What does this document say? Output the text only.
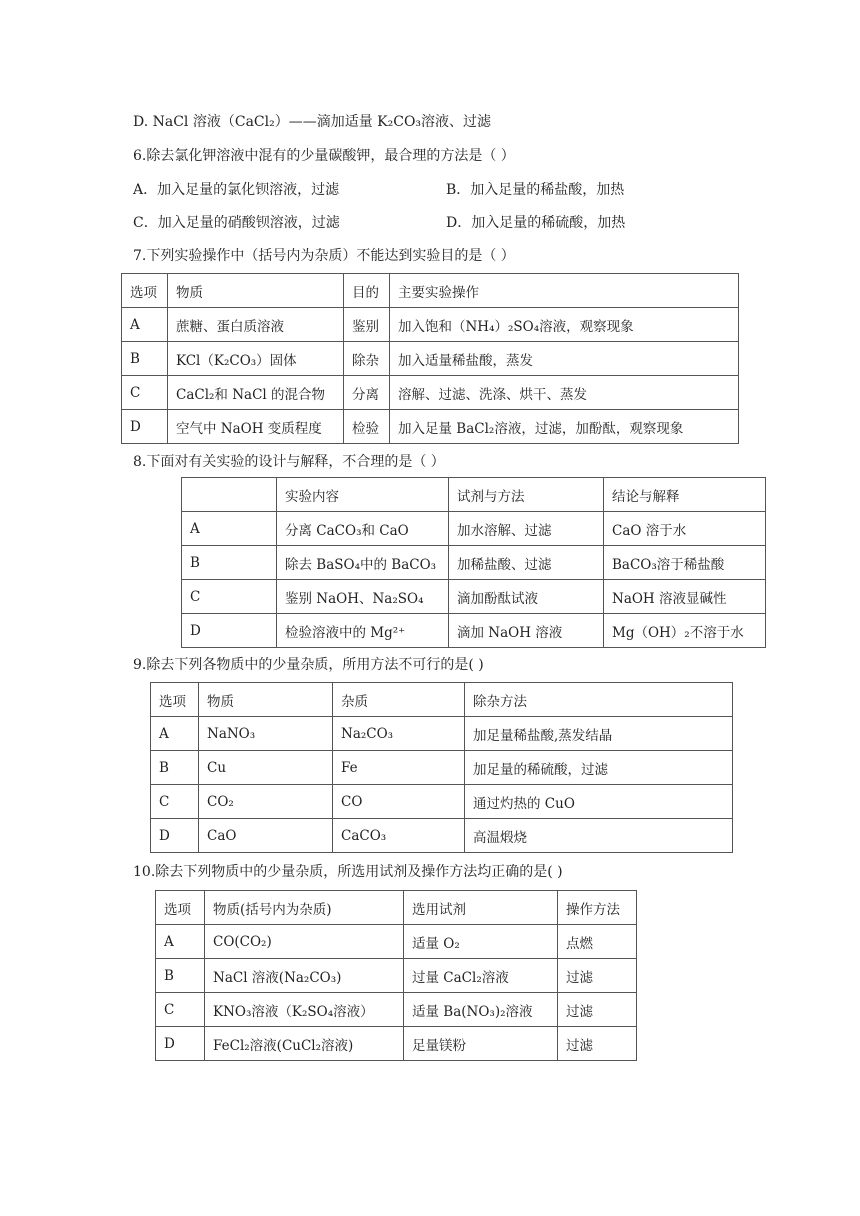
D. NaCl 溶液（CaCl₂）——滴加适量 K₂CO₃溶液、过滤
6.除去氯化钾溶液中混有的少量碳酸钾，最合理的方法是（ ）
A．加入足量的氯化钡溶液，过滤	B．加入足量的稀盐酸，加热
C．加入足量的硝酸钡溶液，过滤	D．加入足量的稀硫酸，加热
7.下列实验操作中（括号内为杂质）不能达到实验目的是（ ）
选项	物质	目的	主要实验操作
A	蔗糖、蛋白质溶液	鉴别	加入饱和（NH₄）₂SO₄溶液，观察现象
B	KCl（K₂CO₃）固体	除杂	加入适量稀盐酸，蒸发
C	CaCl₂和 NaCl 的混合物	分离	溶解、过滤、洗涤、烘干、蒸发
D	空气中 NaOH 变质程度	检验	加入足量 BaCl₂溶液，过滤，加酚酞，观察现象
8.下面对有关实验的设计与解释，不合理的是（ ）
	实验内容	试剂与方法	结论与解释
A	分离 CaCO₃和 CaO	加水溶解、过滤	CaO 溶于水
B	除去 BaSO₄中的 BaCO₃	加稀盐酸、过滤	BaCO₃溶于稀盐酸
C	鉴别 NaOH、Na₂SO₄	滴加酚酞试液	NaOH 溶液显碱性
D	检验溶液中的 Mg²⁺	滴加 NaOH 溶液	Mg（OH）₂不溶于水
9.除去下列各物质中的少量杂质，所用方法不可行的是( )
选项	物质	杂质	除杂方法
A	NaNO₃	Na₂CO₃	加足量稀盐酸,蒸发结晶
B	Cu	Fe	加足量的稀硫酸，过滤
C	CO₂	CO	通过灼热的 CuO
D	CaO	CaCO₃	高温煅烧
10.除去下列物质中的少量杂质，所选用试剂及操作方法均正确的是( )
选项	物质(括号内为杂质)	选用试剂	操作方法
A	CO(CO₂)	适量 O₂	点燃
B	NaCl 溶液(Na₂CO₃)	过量 CaCl₂溶液	过滤
C	KNO₃溶液（K₂SO₄溶液）	适量 Ba(NO₃)₂溶液	过滤
D	FeCl₂溶液(CuCl₂溶液)	足量镁粉	过滤
